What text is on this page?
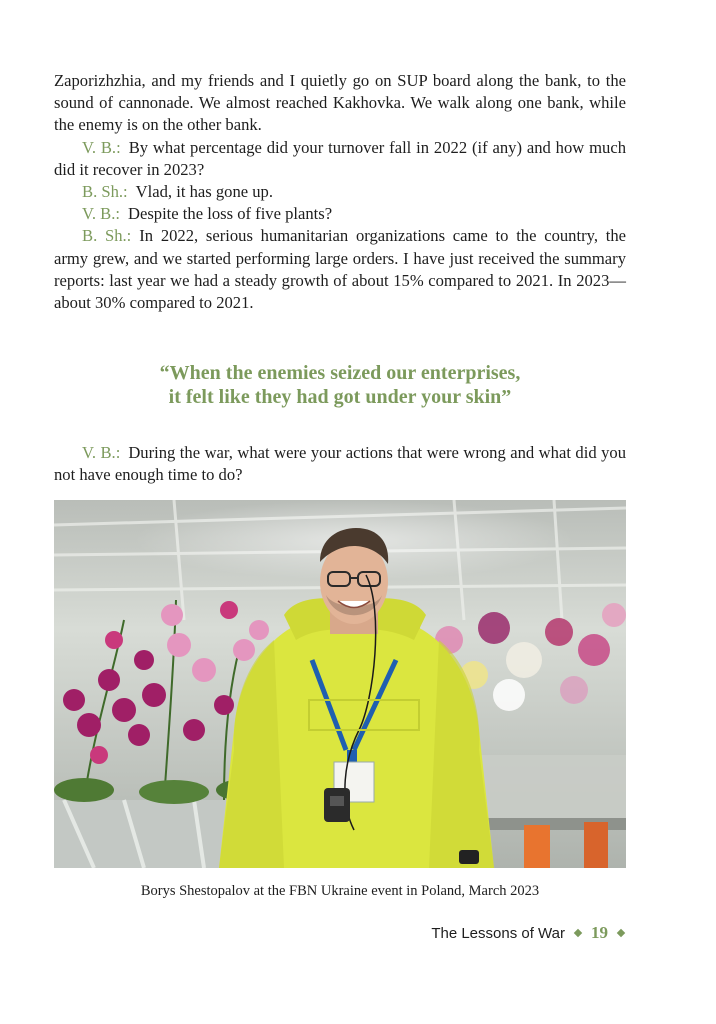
Zaporizhzhia, and my friends and I quietly go on SUP board along the bank, to the sound of cannonade. We almost reached Kakhovka. We walk along one bank, while the enemy is on the other bank.

V. B.: By what percentage did your turnover fall in 2022 (if any) and how much did it recover in 2023?

B. Sh.: Vlad, it has gone up.

V. B.: Despite the loss of five plants?

B. Sh.: In 2022, serious humanitarian organizations came to the country, the army grew, and we started performing large orders. I have just received the summary reports: last year we had a steady growth of about 15% compared to 2021. In 2023—about 30% compared to 2021.

“When the enemies seized our enterprises,
it felt like they had got under your skin”

V. B.: During the war, what were your actions that were wrong and what did you not have enough time to do?

Borys Shestopalov at the FBN Ukraine event in Poland, March 2023
The Lessons of War 19
